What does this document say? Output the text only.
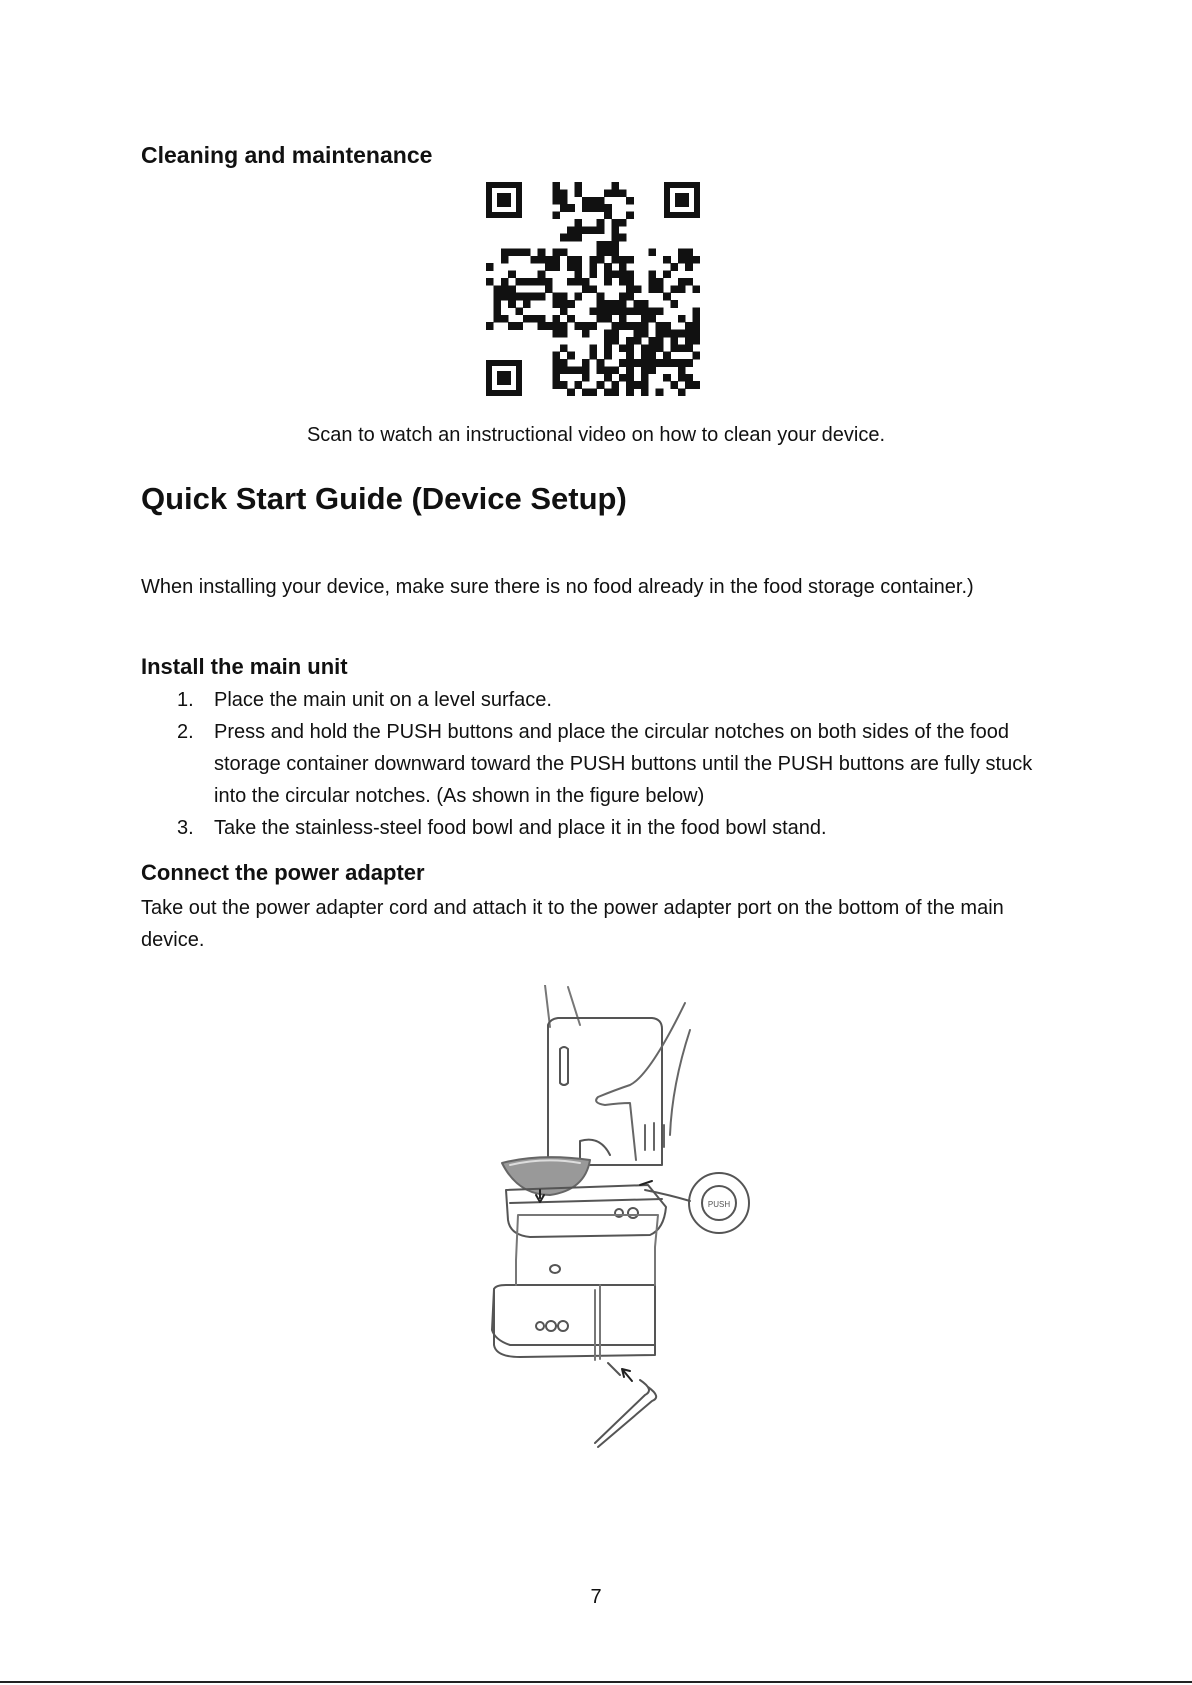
Cleaning and maintenance

Scan to watch an instructional video on how to clean your device.

Quick Start Guide (Device Setup)

When installing your device, make sure there is no food already in the food storage container.)

Install the main unit
1. Place the main unit on a level surface.
2. Press and hold the PUSH buttons and place the circular notches on both sides of the food storage container downward toward the PUSH buttons until the PUSH buttons are fully stuck into the circular notches. (As shown in the figure below)
3. Take the stainless-steel food bowl and place it in the food bowl stand.
Connect the power adapter

Take out the power adapter cord and attach it to the power adapter port on the bottom of the main device.

PUSH

7
